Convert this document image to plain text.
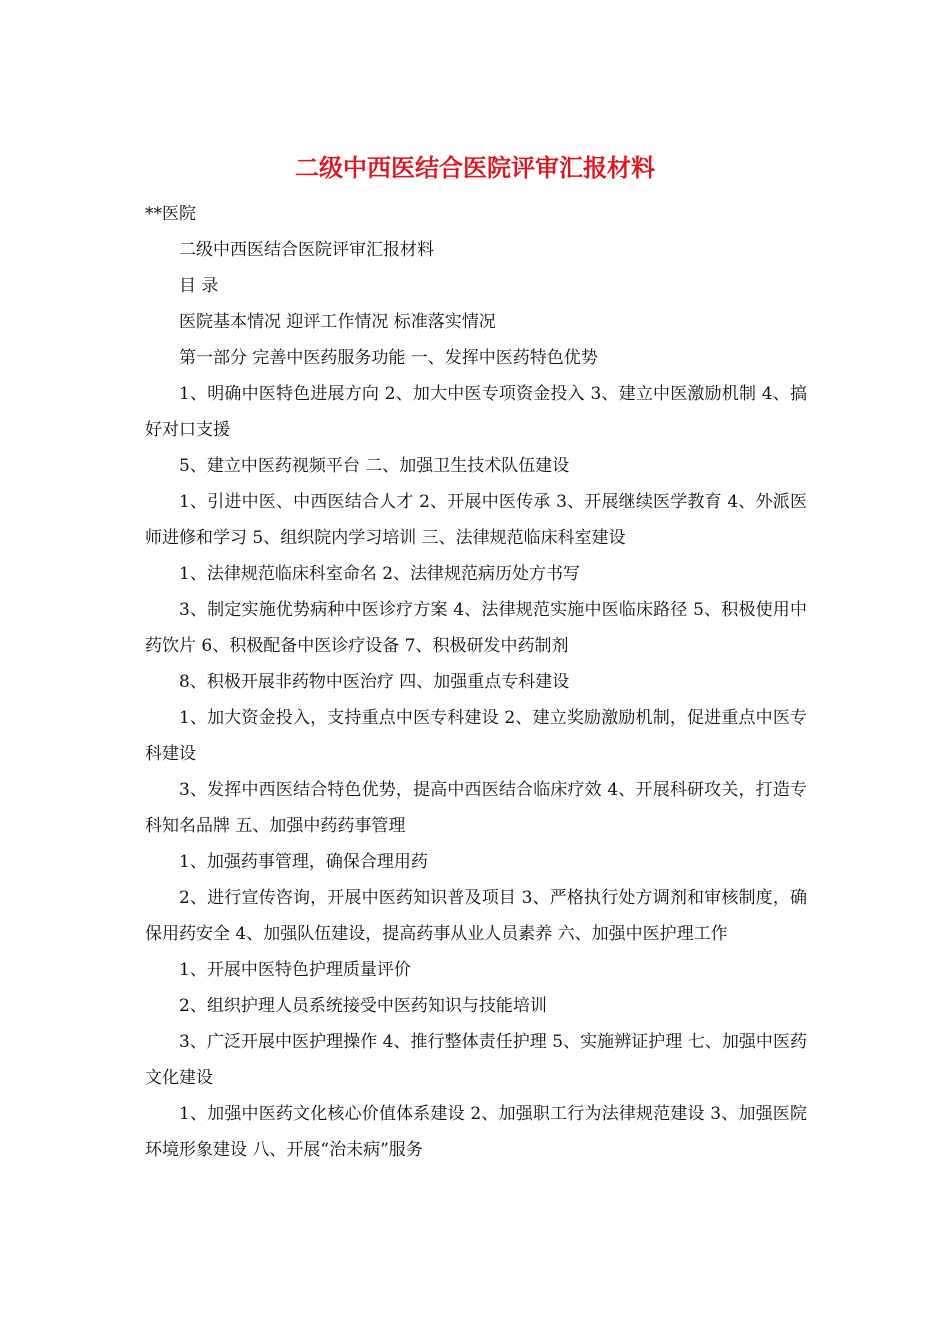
二级中西医结合医院评审汇报材料

**医院

二级中西医结合医院评审汇报材料

目 录

医院基本情况 迎评工作情况 标准落实情况

第一部分 完善中医药服务功能 一、发挥中医药特色优势

1、明确中医特色进展方向 2、加大中医专项资金投入 3、建立中医激励机制 4、搞好对口支援

5、建立中医药视频平台 二、加强卫生技术队伍建设

1、引进中医、中西医结合人才 2、开展中医传承 3、开展继续医学教育 4、外派医师进修和学习 5、组织院内学习培训 三、法律规范临床科室建设

1、法律规范临床科室命名 2、法律规范病历处方书写

3、制定实施优势病种中医诊疗方案 4、法律规范实施中医临床路径 5、积极使用中药饮片 6、积极配备中医诊疗设备 7、积极研发中药制剂

8、积极开展非药物中医治疗 四、加强重点专科建设

1、加大资金投入，支持重点中医专科建设 2、建立奖励激励机制，促进重点中医专科建设

3、发挥中西医结合特色优势，提高中西医结合临床疗效 4、开展科研攻关，打造专科知名品牌 五、加强中药药事管理

1、加强药事管理，确保合理用药

2、进行宣传咨询，开展中医药知识普及项目 3、严格执行处方调剂和审核制度，确保用药安全 4、加强队伍建设，提高药事从业人员素养 六、加强中医护理工作

1、开展中医特色护理质量评价

2、组织护理人员系统接受中医药知识与技能培训

3、广泛开展中医护理操作 4、推行整体责任护理 5、实施辨证护理 七、加强中医药文化建设

1、加强中医药文化核心价值体系建设 2、加强职工行为法律规范建设 3、加强医院环境形象建设 八、开展“治未病”服务
